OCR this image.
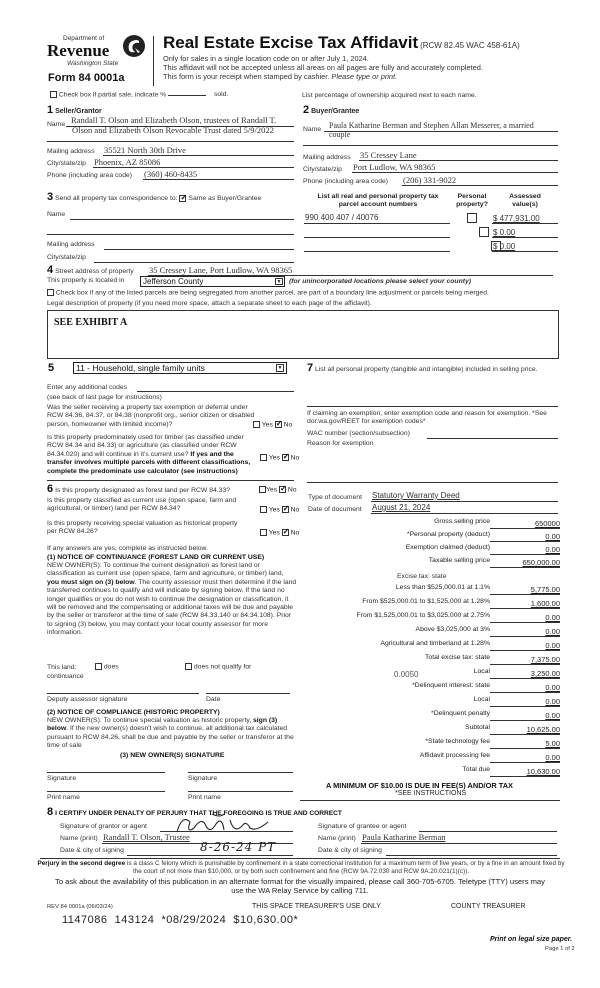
Department of
Revenue
Washington State
Form 84 0001a
Real Estate Excise Tax Affidavit (RCW 82.45 WAC 458-61A)
Only for sales in a single location code on or after July 1, 2024.
This affidavit will not be accepted unless all areas on all pages are fully and accurately completed.
This form is your receipt when stamped by cashier. Please type or print.
Check box if partial sale, indicate %	sold.	List percentage of ownership acquired next to each name.
1 Seller/Grantor
Name Randall T. Olson and Elizabeth Olson, trustees of Randall T.
Olson and Elizabeth Olson Revocable Trust dated 5/9/2022
Mailing address 35521 North 30th Drive
City/state/zip Phoenix, AZ 85086
Phone (including area code) (360) 460-8435
2 Buyer/Grantee
Name Paula Katharine Berman and Stephen Allan Messerer, a married
couple
Mailing address 35 Cressey Lane
City/state/zip Port Ludlow, WA 98365
Phone (including area code) (206) 331-9022
List all real and personal property tax parcel account numbers
Personal property?
Assessed value(s)
990 400 407 / 40076
	$ 477,931.00

$ 0.00
$ 0.00
3 Send all property tax correspondence to: ✓ Same as Buyer/Grantee
Name
Mailing address
City/state/zip
4 Street address of property 35 Cressey Lane, Port Ludlow, WA 98365
This property is located in Jefferson County	▼ (for unincorporated locations please select your county)
Check box if any of the listed parcels are being segregated from another parcel, are part of a boundary line adjustment or parcels being merged.
Legal description of property (if you need more space, attach a separate sheet to each page of the affidavit).
SEE EXHIBIT A
5	11 - Household, single family units	▼
Enter any additional codes
(see back of last page for instructions)
Was the seller receiving a property tax exemption or deferral under RCW 84.36, 84.37, or 84.38 (nonprofit org., senior citizen or disabled person, homeowner with limited income)?	Yes ✓ No
Is this property predominately used for timber (as classified under RCW 84.34 and 84.33) or agriculture (as classified under RCW 84.34.020) and will continue in it's current use? If yes and the transfer involves multiple parcels with different classifications, complete the predominate use calculator (see instructions)
Yes ✓ No
6 Is this property designated as forest land per RCW 84.33?	Yes ✓ No
Is this property classified as current use (open space, farm and agricultural, or timber) land per RCW 84.34?	Yes ✓ No
Is this property receiving special valuation as historical property per RCW 84.26?	Yes ✓ No
If any answers are yes, complete as instructed below.
(1) NOTICE OF CONTINUANCE (FOREST LAND OR CURRENT USE)
NEW OWNER(S): To continue the current designation as forest land or classification as current use (open space, farm and agriculture, or timber) land, you must sign on (3) below. The county assessor must then determine if the land transferred continues to qualify and will indicate by signing below. If the land no longer qualifies or you do not wish to continue the designation or classification, it will be removed and the compensating or additional taxes will be due and payable by the seller or transferor at the time of sale (RCW 84.33.140 or 84.34.108). Prior to signing (3) below, you may contact your local county assessor for more information.
This land:	does	does not qualify for
continuance
Deputy assessor signature	Date
(2) NOTICE OF COMPLIANCE (HISTORIC PROPERTY)
NEW OWNER(S): To continue special valuation as historic property, sign (3) below. If the new owner(s) doesn't wish to continue, all additional tax calculated pursuant to RCW 84.26, shall be due and payable by the seller or transferor at the time of sale
(3) NEW OWNER(S) SIGNATURE
Signature	Signature
Print name	Print name
7 List all personal property (tangible and intangible) included in selling price.
If claiming an exemption, enter exemption code and reason for exemption. *See dor.wa.gov/REET for exemption codes*
WAC number (section/subsection)
Reason for exemption
Type of document Statutory Warranty Deed
Date of document August 21, 2024
Gross selling price	650000
*Personal property (deduct)	0.00
Exemption claimed (deduct)	0.00
Taxable selling price	650,000.00
Excise tax: state
Less than $525,000.01 at 1.1%	5,775.00
From $525,000.01 to $1,525,000 at 1.28%	1,600.00
From $1,525,000.01 to $3,025,000 at 2.75%	0.00
Above $3,025,000 at 3%	0.00
Agricultural and timberland at 1.28%	0.00
Total excise tax: state	7,375.00
0.0050	Local	3,250.00
*Delinquent interest: state	0.00
Local	0.00
*Delinquent penalty	0.00
Subtotal	10,625.00
*State technology fee	5.00
Affidavit processing fee	0.00
Total due	10,630.00
A MINIMUM OF $10.00 IS DUE IN FEE(S) AND/OR TAX
*SEE INSTRUCTIONS
8 I CERTIFY UNDER PENALTY OF PERJURY THAT THE FOREGOING IS TRUE AND CORRECT
Signature of grantor or agent
Name (print) Randall T. Olson, Trustee
Date & city of signing	8-26-24 PT
Signature of grantee or agent
Name (print) Paula Katharine Berman
Date & city of signing
Perjury in the second degree is a class C felony which is punishable by confinement in a state correctional institution for a maximum term of five years, or by a fine in an amount fixed by the court of not more than $10,000, or by both such confinement and fine (RCW 9A.72.030 and RCW 9A.20.021(1)(c)).
To ask about the availability of this publication in an alternate format for the visually impaired, please call 360-705-6705. Teletype (TTY) users may use the WA Relay Service by calling 711.
REV 84 0001a (06/03/24)	THIS SPACE TREASURER'S USE ONLY	COUNTY TREASURER
1147086  143124  *08/29/2024  $10,630.00*
Print on legal size paper.
Page 1 of 2
